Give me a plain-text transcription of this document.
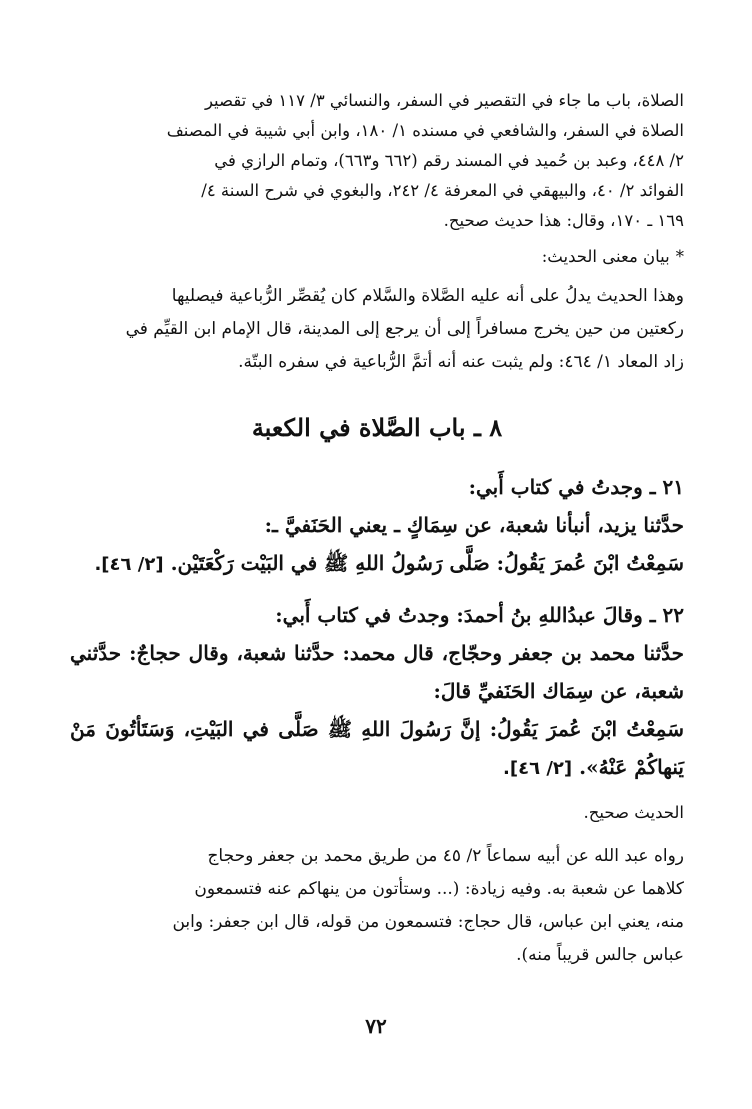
الصلاة، باب ما جاء في التقصير في السفر، والنسائي ٣/ ١١٧ في تقصير

الصلاة في السفر، والشافعي في مسنده ١/ ١٨٠، وابن أبي شيبة في المصنف

٢/ ٤٤٨، وعبد بن حُميد في المسند رقم (٦٦٢ و٦٦٣)، وتمام الرازي في

الفوائد ٢/ ٤٠، والبيهقي في المعرفة ٤/ ٢٤٢، والبغوي في شرح السنة ٤/

١٦٩ ـ ١٧٠، وقال: هذا حديث صحيح.

*بيان معنى الحديث:

وهذا الحديث يدلُ على أنه عليه الصَّلاة والسَّلام كان يُقصِّر الرُّباعية فيصليها

ركعتين من حين يخرج مسافراً إلى أن يرجع إلى المدينة، قال الإمام ابن القيِّم في

زاد المعاد ١/ ٤٦٤: ولم يثبت عنه أنه أتمَّ الرُّباعية في سفره البتّة.

٨ ـ باب الصَّلاة في الكعبة

٢١ ـ وجدتُ في كتاب أَبي:

حدَّثنا يزيد، أنبأنا شعبة، عن سِمَاكٍ ـ يعني الحَنَفيَّ ـ:

سَمِعْتُ ابْنَ عُمرَ يَقُولُ: صَلَّى رَسُولُ اللهِ ﷺ في البَيْت رَكْعَتَيْن. [٢/ ٤٦].

٢٢ ـ وقالَ عبدُاللهِ بنُ أحمدَ: وجدتُ في كتاب أَبي:

حدَّثنا محمد بن جعفر وحجّاج، قال محمد: حدَّثنا شعبة، وقال حجاجٌ: حدَّثني شعبة، عن سِمَاك الحَنَفيِّ قالَ:

سَمِعْتُ ابْنَ عُمرَ يَقُولُ: إنَّ رَسُولَ اللهِ ﷺ صَلَّى في البَيْتِ، وَسَتَأتُونَ مَنْ يَنهاكُمْ عَنْهُ». [٢/ ٤٦].

الحديث صحيح.

رواه عبد الله عن أبيه سماعاً ٢/ ٤٥ من طريق محمد بن جعفر وحجاج

كلاهما عن شعبة به. وفيه زيادة: (... وستأتون من ينهاكم عنه فتسمعون

منه، يعني ابن عباس، قال حجاج: فتسمعون من قوله، قال ابن جعفر: وابن

عباس جالس قريباً منه).

٧٢
